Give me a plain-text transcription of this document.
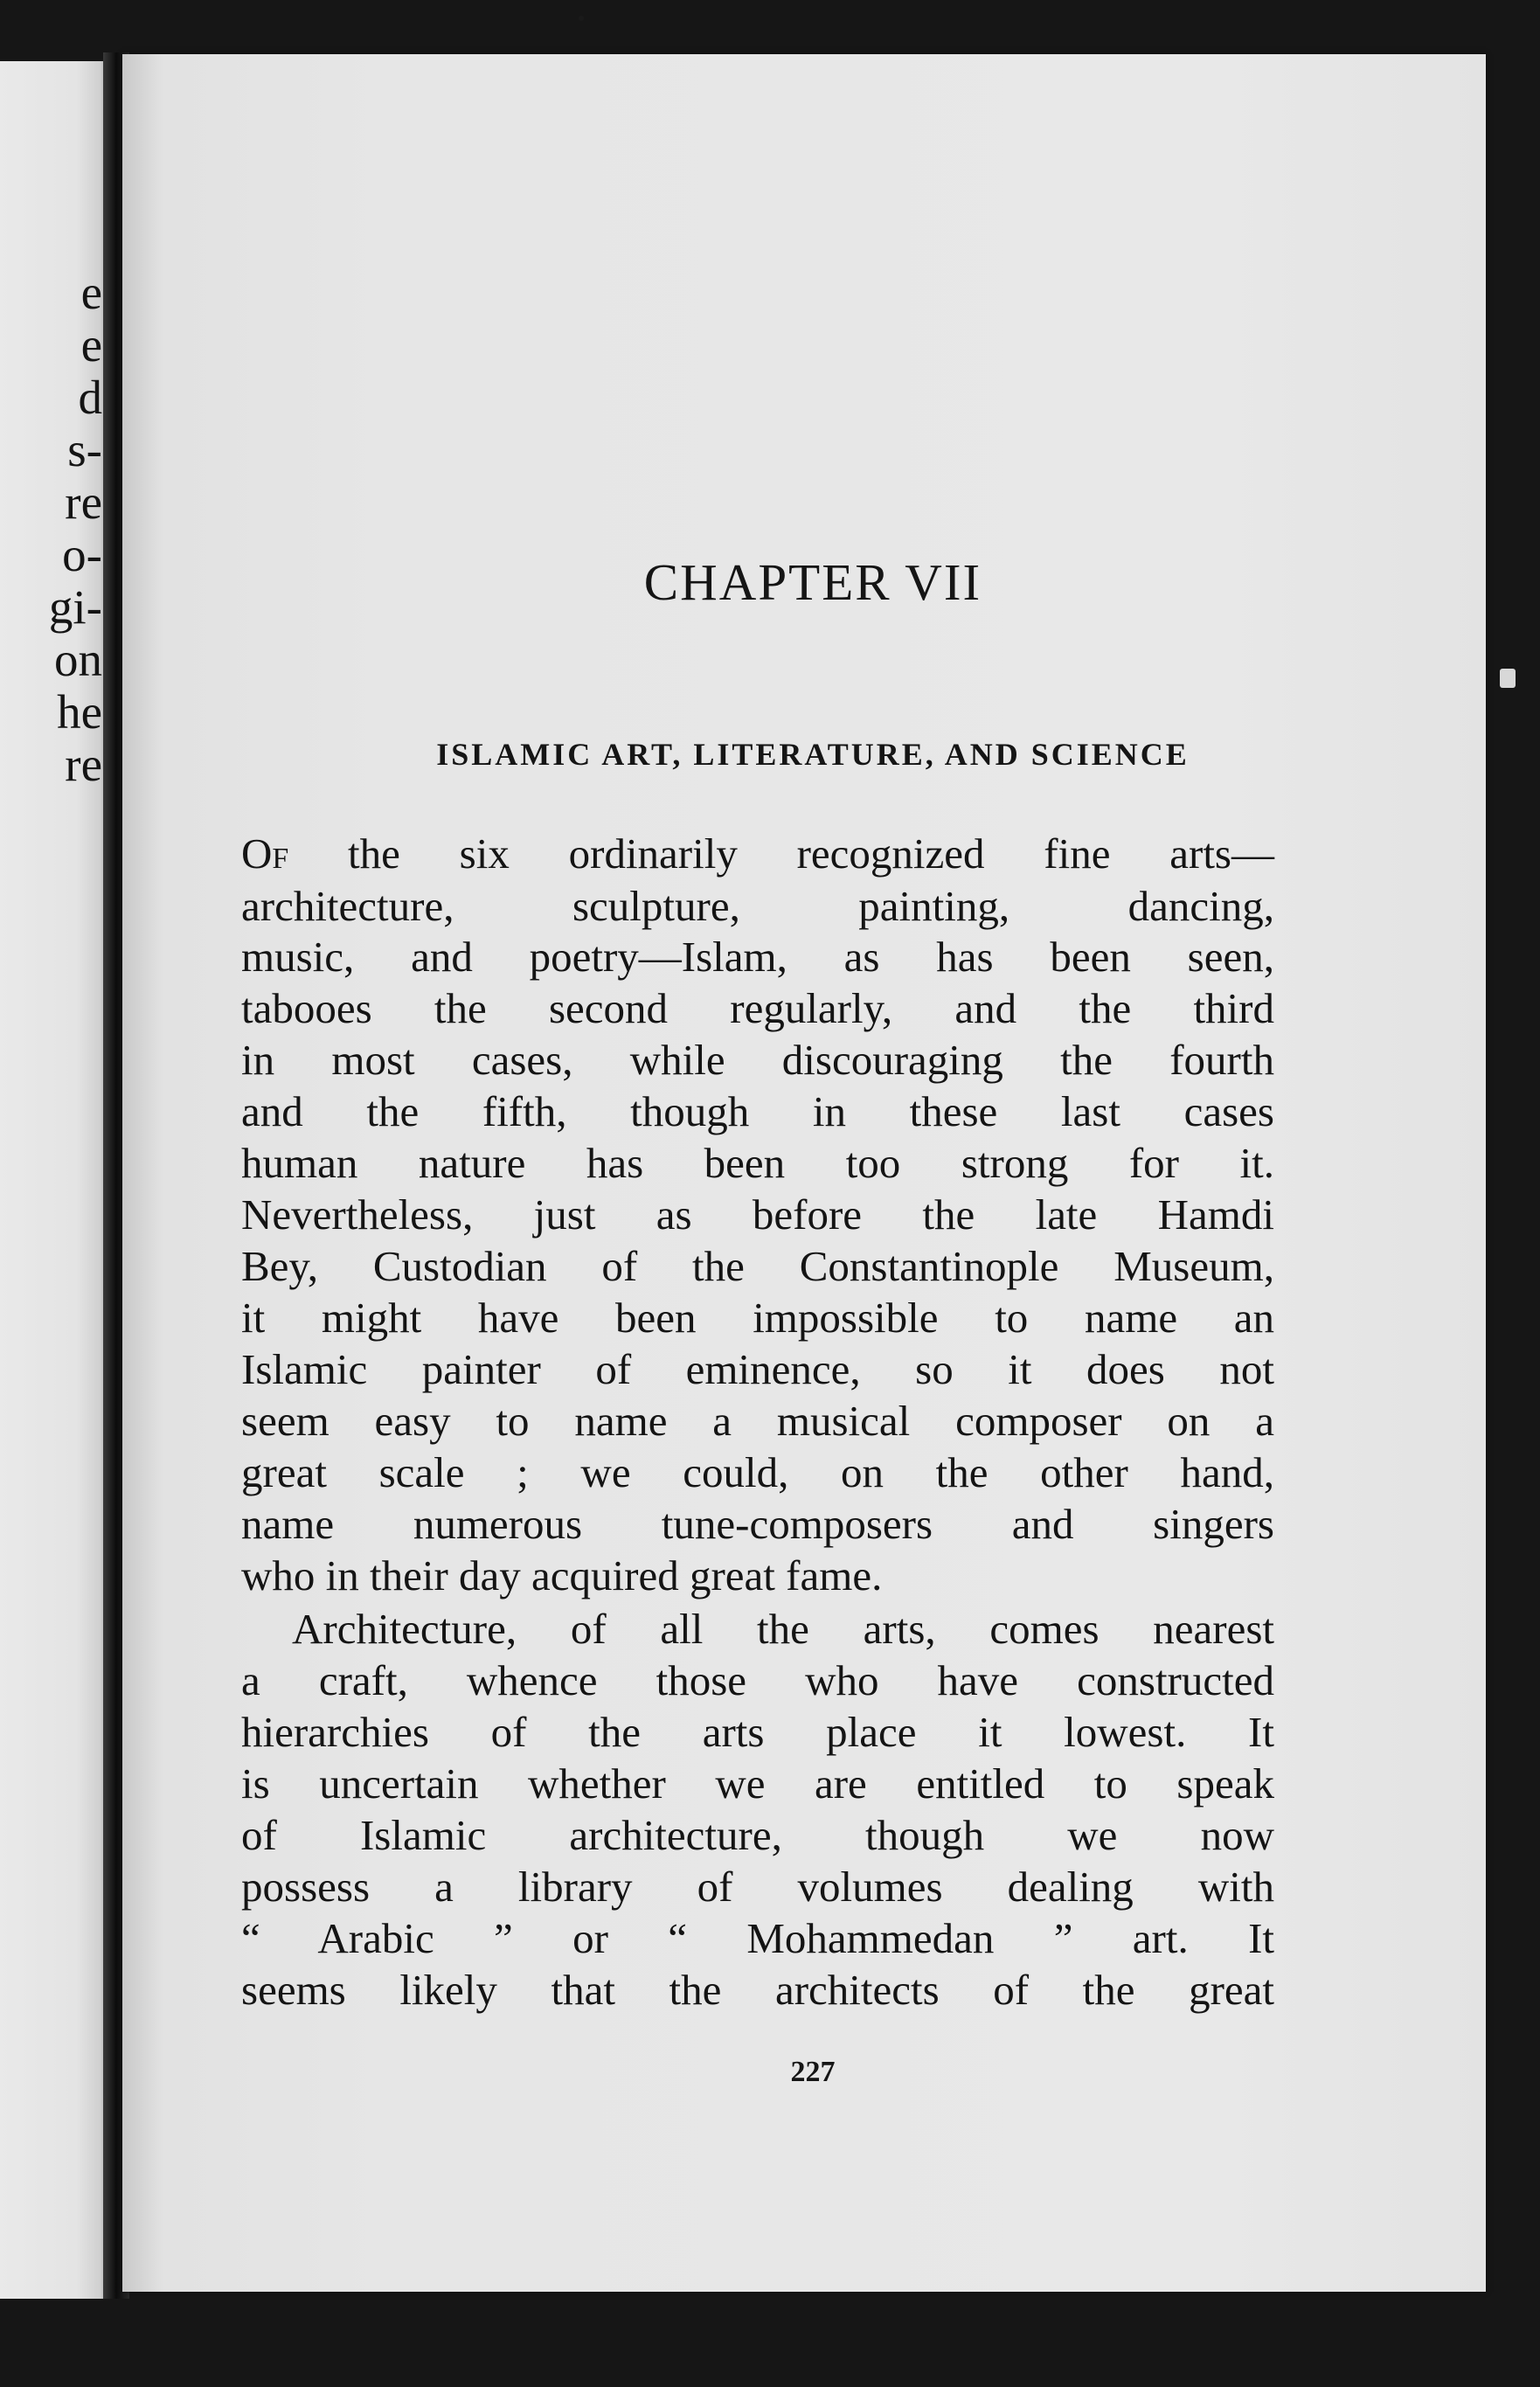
e
e
d
s-
re
o-
gi-
on
he
re
CHAPTER VII
ISLAMIC ART, LITERATURE, AND SCIENCE
Of the six ordinarily recognized fine arts—
architecture, sculpture, painting, dancing,
music, and poetry—Islam, as has been seen,
tabooes the second regularly, and the third
in most cases, while discouraging the fourth
and the fifth, though in these last cases
human nature has been too strong for it.
Nevertheless, just as before the late Hamdi
Bey, Custodian of the Constantinople Museum,
it might have been impossible to name an
Islamic painter of eminence, so it does not
seem easy to name a musical composer on a
great scale ; we could, on the other hand,
name numerous tune-composers and singers
who in their day acquired great fame.
Architecture, of all the arts, comes nearest
a craft, whence those who have constructed
hierarchies of the arts place it lowest. It
is uncertain whether we are entitled to speak
of Islamic architecture, though we now
possess a library of volumes dealing with
“ Arabic ” or “ Mohammedan ” art. It
seems likely that the architects of the great
227
